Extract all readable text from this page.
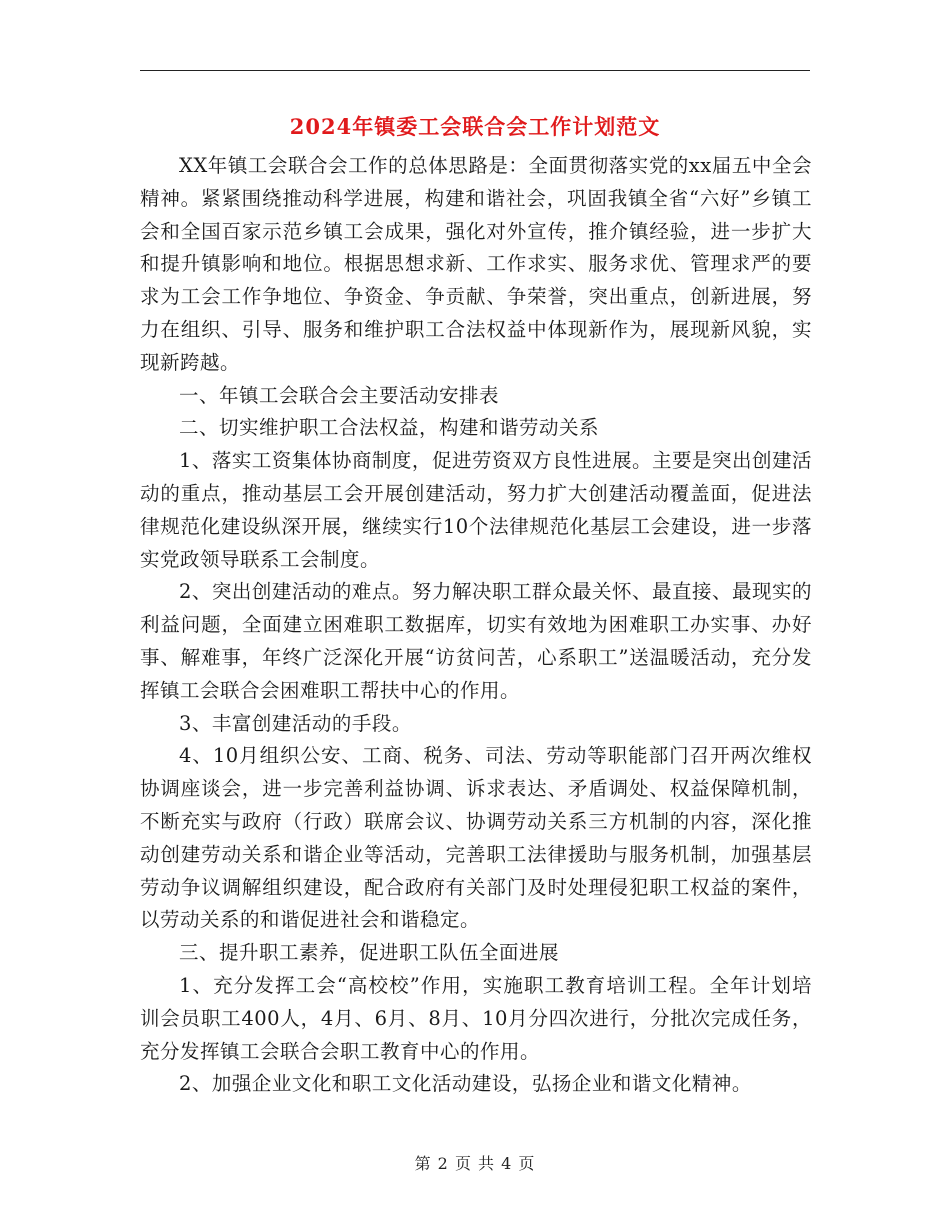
2024年镇委工会联合会工作计划范文

XX年镇工会联合会工作的总体思路是：全面贯彻落实党的xx届五中全会精神。紧紧围绕推动科学进展，构建和谐社会，巩固我镇全省“六好”乡镇工会和全国百家示范乡镇工会成果，强化对外宣传，推介镇经验，进一步扩大和提升镇影响和地位。根据思想求新、工作求实、服务求优、管理求严的要求为工会工作争地位、争资金、争贡献、争荣誉，突出重点，创新进展，努力在组织、引导、服务和维护职工合法权益中体现新作为，展现新风貌，实现新跨越。

一、年镇工会联合会主要活动安排表

二、切实维护职工合法权益，构建和谐劳动关系

1、落实工资集体协商制度，促进劳资双方良性进展。主要是突出创建活动的重点，推动基层工会开展创建活动，努力扩大创建活动覆盖面，促进法律规范化建设纵深开展，继续实行10个法律规范化基层工会建设，进一步落实党政领导联系工会制度。

2、突出创建活动的难点。努力解决职工群众最关怀、最直接、最现实的利益问题，全面建立困难职工数据库，切实有效地为困难职工办实事、办好事、解难事，年终广泛深化开展“访贫问苦，心系职工”送温暖活动，充分发挥镇工会联合会困难职工帮扶中心的作用。

3、丰富创建活动的手段。

4、10月组织公安、工商、税务、司法、劳动等职能部门召开两次维权协调座谈会，进一步完善利益协调、诉求表达、矛盾调处、权益保障机制，不断充实与政府（行政）联席会议、协调劳动关系三方机制的内容，深化推动创建劳动关系和谐企业等活动，完善职工法律援助与服务机制，加强基层劳动争议调解组织建设，配合政府有关部门及时处理侵犯职工权益的案件，以劳动关系的和谐促进社会和谐稳定。

三、提升职工素养，促进职工队伍全面进展

1、充分发挥工会“高校校”作用，实施职工教育培训工程。全年计划培训会员职工400人，4月、6月、8月、10月分四次进行，分批次完成任务，充分发挥镇工会联合会职工教育中心的作用。

2、加强企业文化和职工文化活动建设，弘扬企业和谐文化精神。

第 2 页 共 4 页
